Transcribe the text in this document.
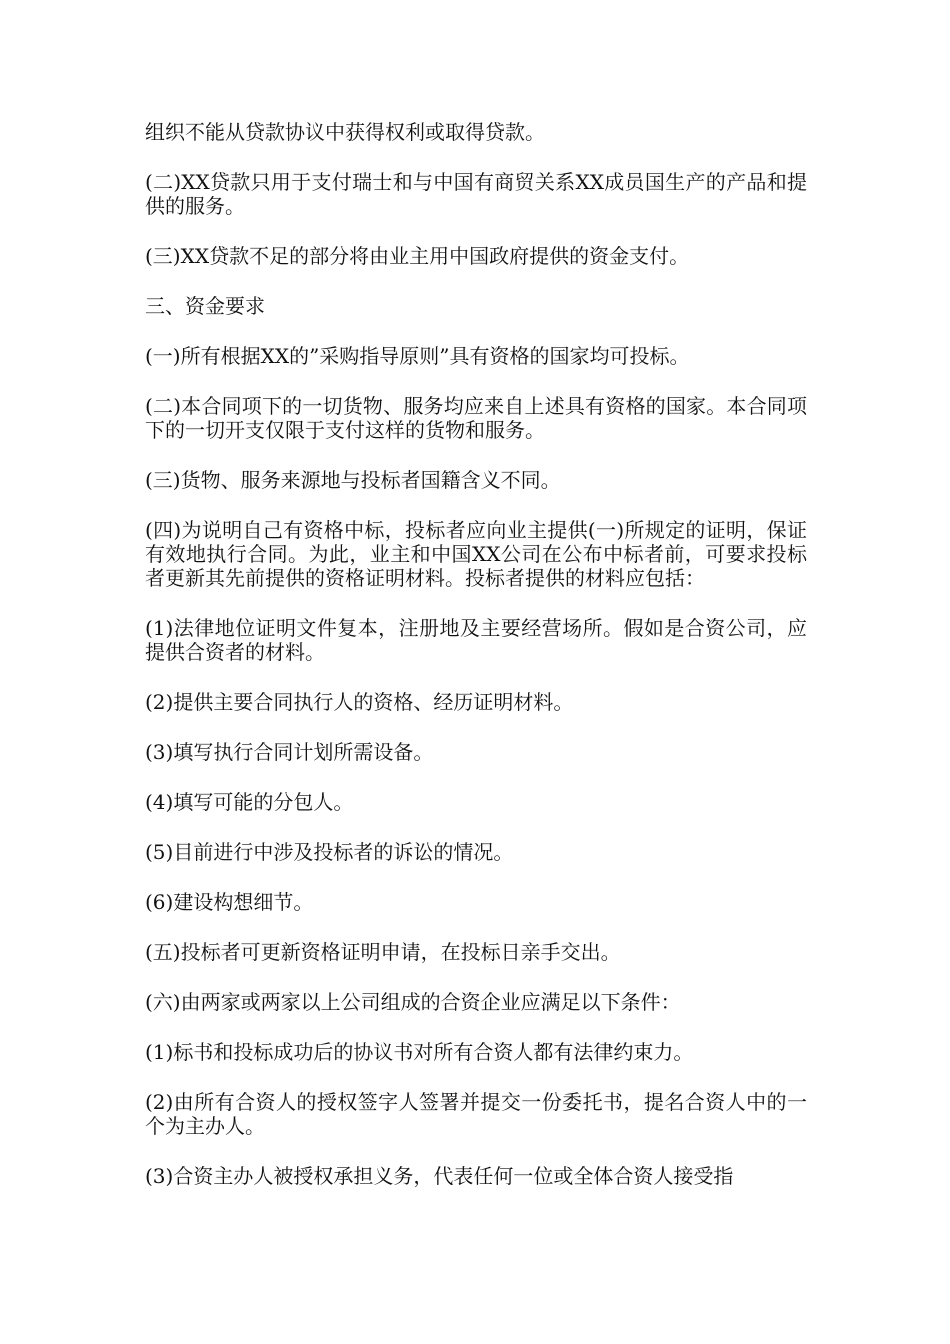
组织不能从贷款协议中获得权利或取得贷款。

(二)XX贷款只用于支付瑞士和与中国有商贸关系XX成员国生产的产品和提供的服务。

(三)XX贷款不足的部分将由业主用中国政府提供的资金支付。

三、资金要求

(一)所有根据XX的”采购指导原则”具有资格的国家均可投标。

(二)本合同项下的一切货物、服务均应来自上述具有资格的国家。本合同项下的一切开支仅限于支付这样的货物和服务。

(三)货物、服务来源地与投标者国籍含义不同。

(四)为说明自己有资格中标，投标者应向业主提供(一)所规定的证明，保证有效地执行合同。为此，业主和中国XX公司在公布中标者前，可要求投标者更新其先前提供的资格证明材料。投标者提供的材料应包括：

(1)法律地位证明文件复本，注册地及主要经营场所。假如是合资公司，应提供合资者的材料。

(2)提供主要合同执行人的资格、经历证明材料。

(3)填写执行合同计划所需设备。

(4)填写可能的分包人。

(5)目前进行中涉及投标者的诉讼的情况。

(6)建设构想细节。

(五)投标者可更新资格证明申请，在投标日亲手交出。

(六)由两家或两家以上公司组成的合资企业应满足以下条件：

(1)标书和投标成功后的协议书对所有合资人都有法律约束力。

(2)由所有合资人的授权签字人签署并提交一份委托书，提名合资人中的一个为主办人。

(3)合资主办人被授权承担义务，代表任何一位或全体合资人接受指
